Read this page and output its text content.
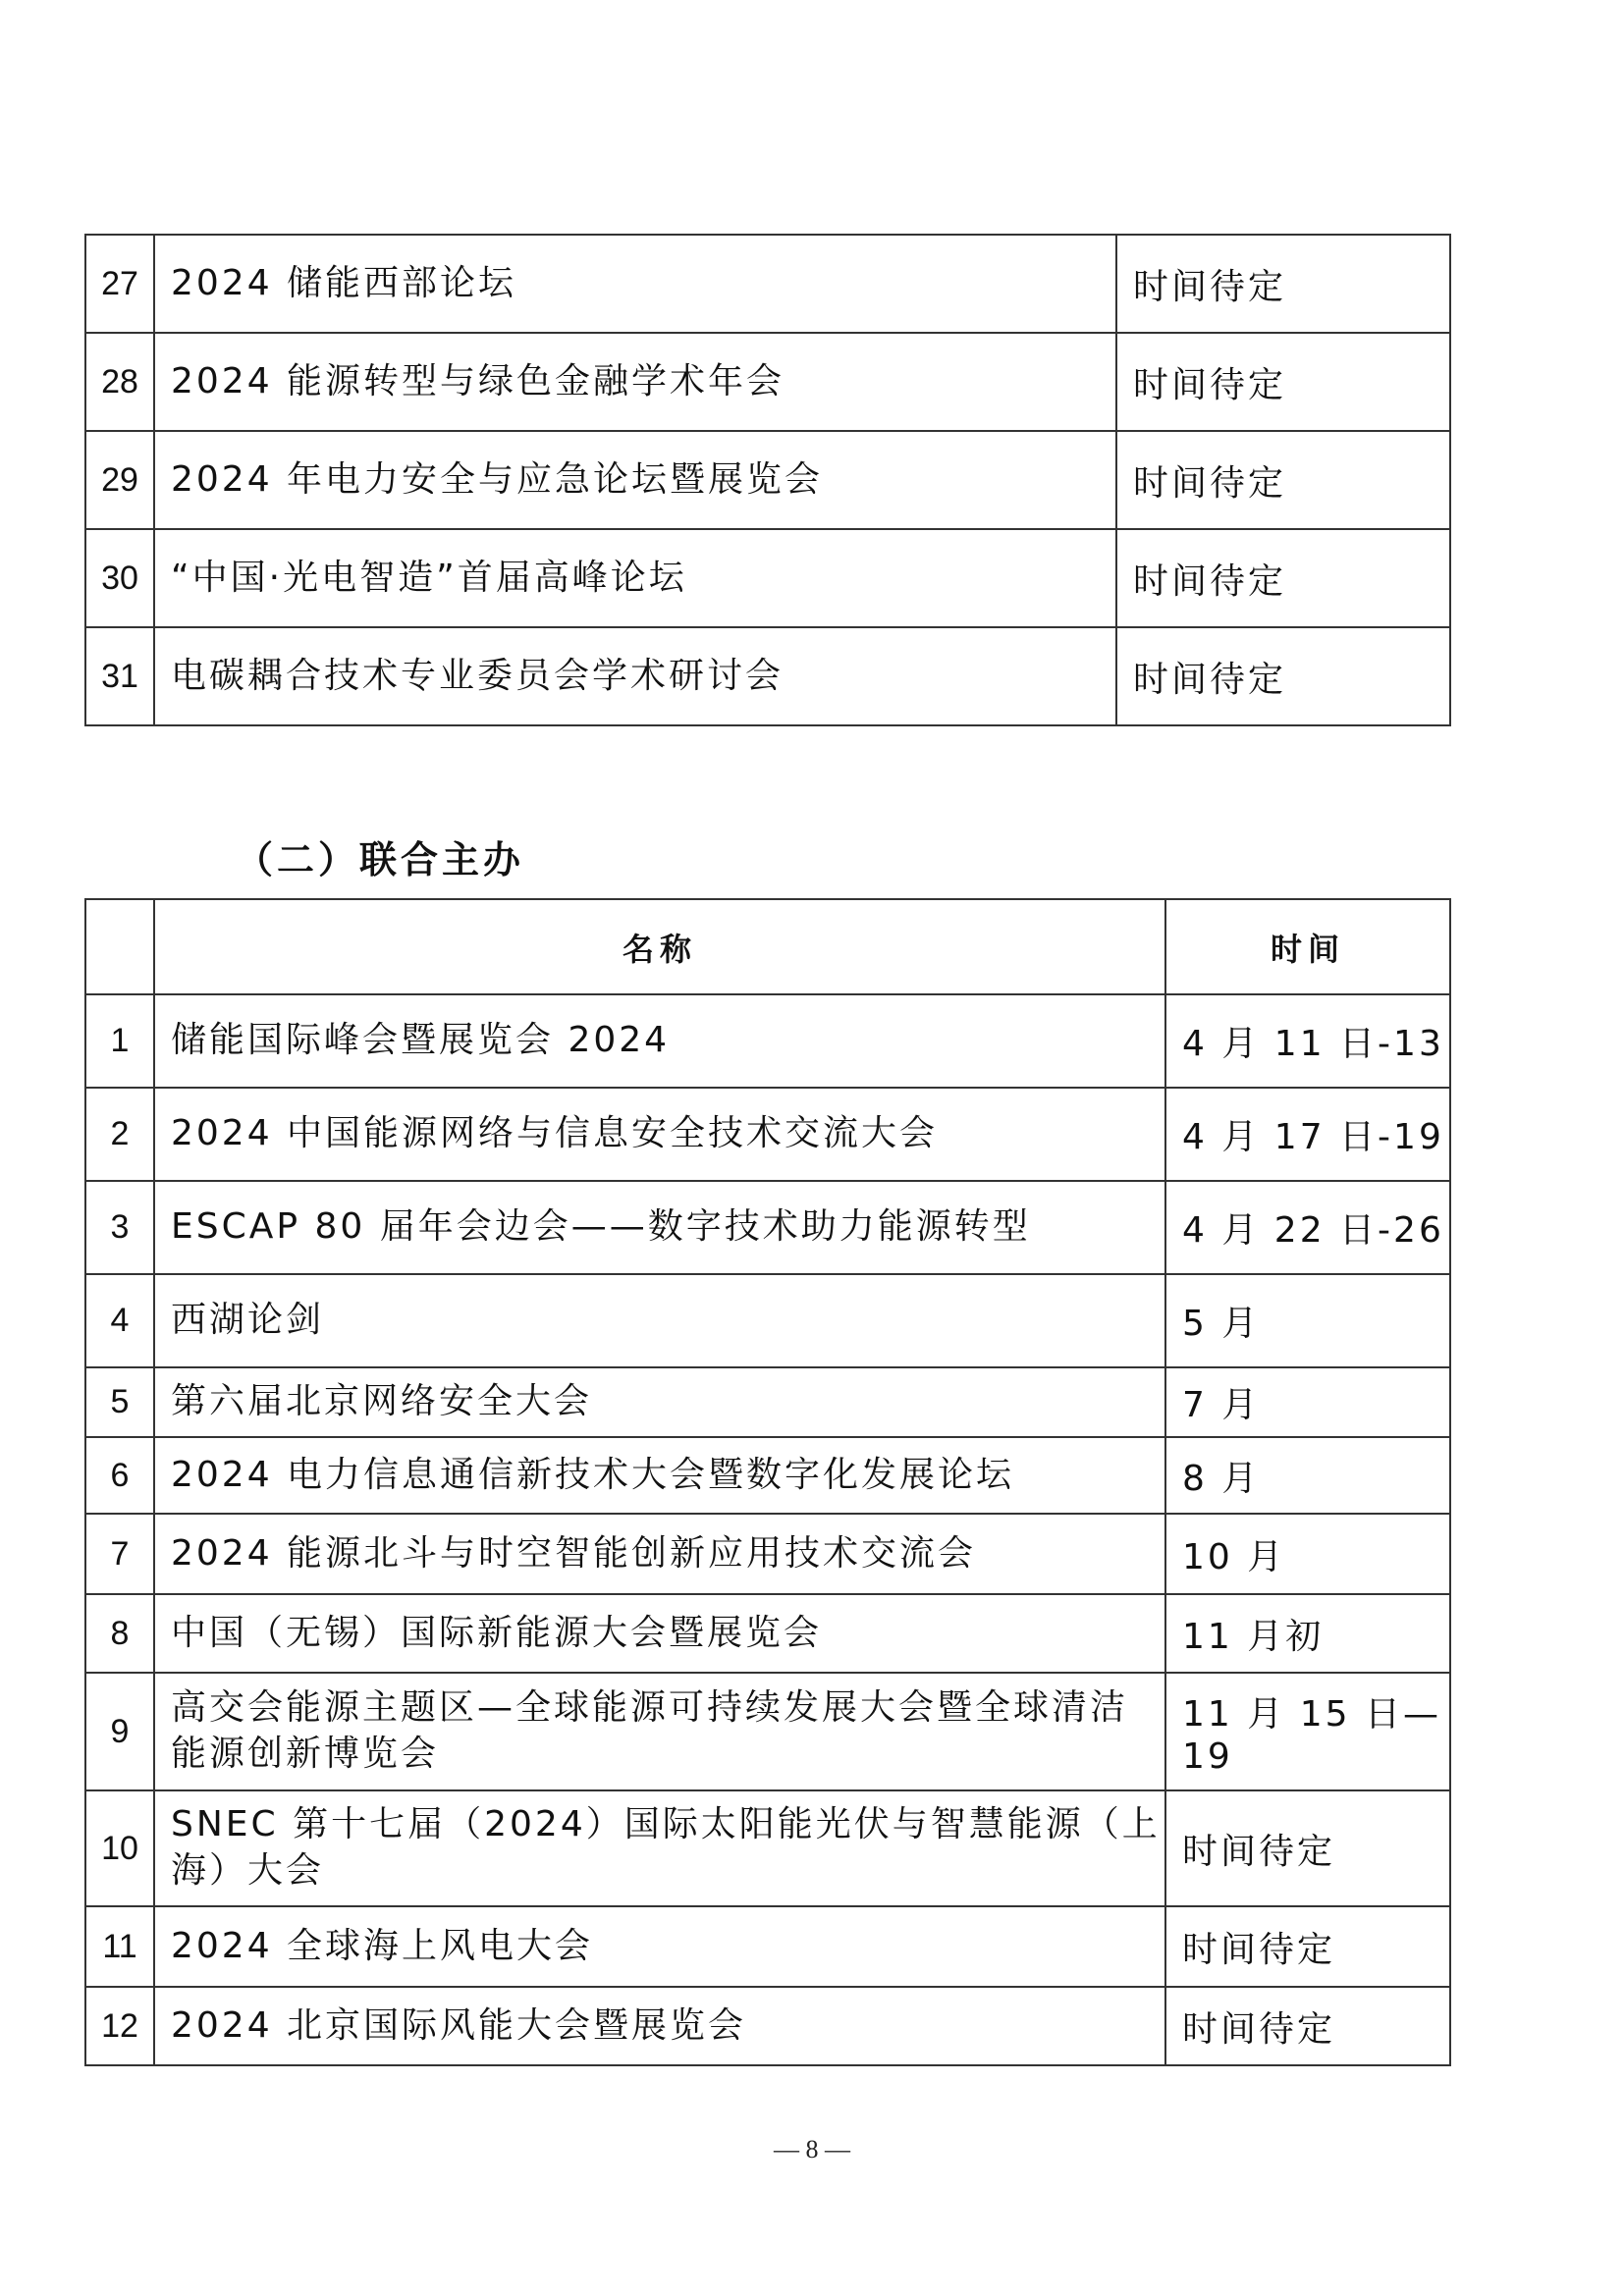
27	2024 储能西部论坛	时间待定
28	2024 能源转型与绿色金融学术年会	时间待定
29	2024 年电力安全与应急论坛暨展览会	时间待定
30	“中国·光电智造”首届高峰论坛	时间待定
31	电碳耦合技术专业委员会学术研讨会	时间待定
（二）联合主办
	名称	时间
1	储能国际峰会暨展览会 2024	4 月 11 日-13
2	2024 中国能源网络与信息安全技术交流大会	4 月 17 日-19
3	ESCAP 80 届年会边会——数字技术助力能源转型	4 月 22 日-26
4	西湖论剑	5 月
5	第六届北京网络安全大会	7 月
6	2024 电力信息通信新技术大会暨数字化发展论坛	8 月
7	2024 能源北斗与时空智能创新应用技术交流会	10 月
8	中国（无锡）国际新能源大会暨展览会	11 月初
9	高交会能源主题区—全球能源可持续发展大会暨全球清洁能源创新博览会	11 月 15 日—19
10	SNEC 第十七届（2024）国际太阳能光伏与智慧能源（上海）大会	时间待定
11	2024 全球海上风电大会	时间待定
12	2024 北京国际风能大会暨展览会	时间待定
— 8 —
